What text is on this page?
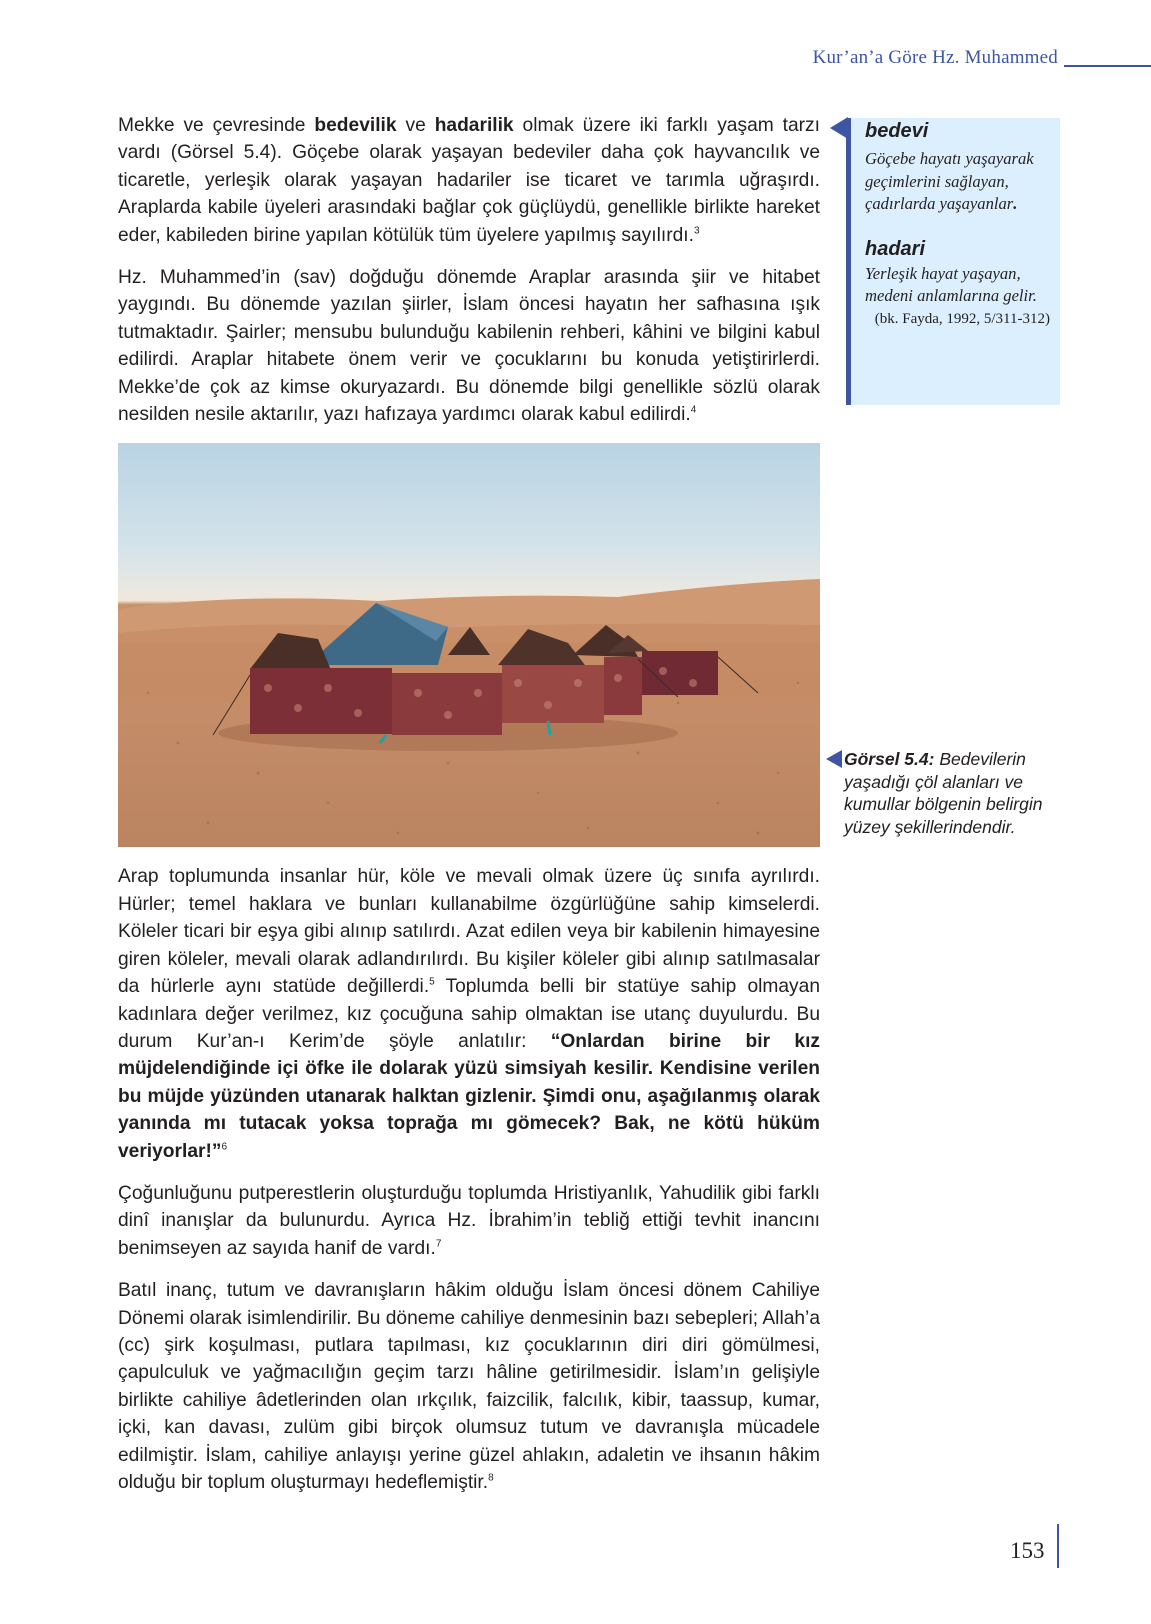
Kur’an’a Göre Hz. Muhammed

Mekke ve çevresinde bedevilik ve hadarilik olmak üzere iki farklı yaşam tarzı vardı (Görsel 5.4). Göçebe olarak yaşayan bedeviler daha çok hayvancılık ve ticaretle, yerleşik olarak yaşayan hadariler ise ticaret ve tarımla uğraşırdı. Araplarda kabile üyeleri arasındaki bağlar çok güçlüydü, genellikle birlikte hareket eder, kabileden birine yapılan kötülük tüm üyelere yapılmış sayılırdı.$^3$

Hz. Muhammed’in (sav) doğduğu dönemde Araplar arasında şiir ve hitabet yaygındı. Bu dönemde yazılan şiirler, İslam öncesi hayatın her safhasına ışık tutmaktadır. Şairler; mensubu bulunduğu kabilenin rehberi, kâhini ve bilgini kabul edilirdi. Araplar hitabete önem verir ve çocuklarını bu konuda yetiştirirlerdi. Mekke’de çok az kimse okuryazardı. Bu dönemde bilgi genellikle sözlü olarak nesilden nesile aktarılır, yazı hafızaya yardımcı olarak kabul edilirdi.$^4$

Arap toplumunda insanlar hür, köle ve mevali olmak üzere üç sınıfa ayrılırdı. Hürler; temel haklara ve bunları kullanabilme özgürlüğüne sahip kimselerdi. Köleler ticari bir eşya gibi alınıp satılırdı. Azat edilen veya bir kabilenin himayesine giren köleler, mevali olarak adlandırılırdı. Bu kişiler köleler gibi alınıp satılmasalar da hürlerle aynı statüde değillerdi.$^5$ Toplumda belli bir statüye sahip olmayan kadınlara değer verilmez, kız çocuğuna sahip olmaktan ise utanç duyulurdu. Bu durum Kur’an-ı Kerim’de şöyle anlatılır: “Onlardan birine bir kız müjdelendiğinde içi öfke ile dolarak yüzü simsiyah kesilir. Kendisine verilen bu müjde yüzünden utanarak halktan gizlenir. Şimdi onu, aşağılanmış olarak yanında mı tutacak yoksa toprağa mı gömecek? Bak, ne kötü hüküm veriyorlar!”$^6$

Çoğunluğunu putperestlerin oluşturduğu toplumda Hristiyanlık, Yahudilik gibi farklı dinî inanışlar da bulunurdu. Ayrıca Hz. İbrahim’in tebliğ ettiği tevhit inancını benimseyen az sayıda hanif de vardı.$^7$

Batıl inanç, tutum ve davranışların hâkim olduğu İslam öncesi dönem Cahiliye Dönemi olarak isimlendirilir. Bu döneme cahiliye denmesinin bazı sebepleri; Allah’a (cc) şirk koşulması, putlara tapılması, kız çocuklarının diri diri gömülmesi, çapulculuk ve yağmacılığın geçim tarzı hâline getirilmesidir. İslam’ın gelişiyle birlikte cahiliye âdetlerinden olan ırkçılık, faizcilik, falcılık, kibir, taassup, kumar, içki, kan davası, zulüm gibi birçok olumsuz tutum ve davranışla mücadele edilmiştir. İslam, cahiliye anlayışı yerine güzel ahlakın, adaletin ve ihsanın hâkim olduğu bir toplum oluşturmayı hedeflemiştir.$^8$

bedevi

Göçebe hayatı yaşayarak geçimlerini sağlayan, çadırlarda yaşayanlar.

hadari

Yerleşik hayat yaşayan, medeni anlamlarına gelir.

(bk. Fayda, 1992, 5/311-312)

Görsel 5.4: Bedevilerin yaşadığı çöl alanları ve kumullar bölgenin belirgin yüzey şekillerindendir.
153
